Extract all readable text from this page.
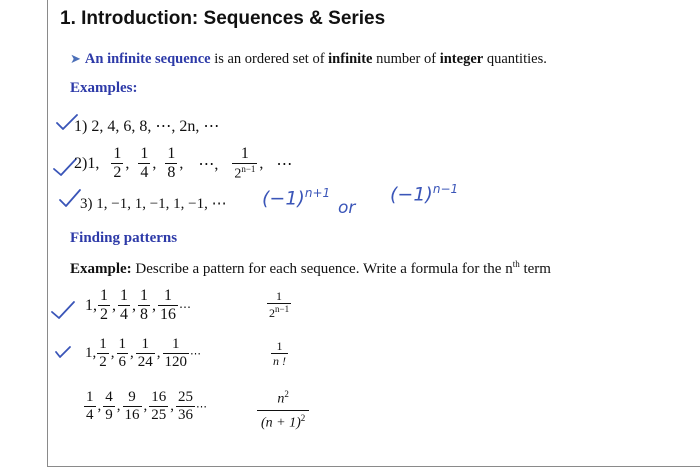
1. Introduction: Sequences & Series
➤ An infinite sequence is an ordered set of infinite number of integer quantities.
Examples:
1) 2, 4, 6, 8, ⋯, 2n, ⋯
2) 1, $\frac{1}{2}$ , $\frac{1}{4}$ , $\frac{1}{8}$ , ⋯, $\frac{1}{2^{n-1}}$ , ⋯
3) 1, −1, 1, −1, 1, −1, ⋯ $(-1)^{n+1}$
or
$(-1)^{n-1}$
Finding patterns
Example: Describe a pattern for each sequence. Write a formula for the $n^{th}$ term
1, $\frac{1}{2}$ , $\frac{1}{4}$ , $\frac{1}{8}$ , $\frac{1}{16}$ ⋯	$\frac{1}{2^{n-1}}$
1, $\frac{1}{2}$ , $\frac{1}{6}$ , $\frac{1}{24}$ , $\frac{1}{120}$ ⋯	$\frac{1}{n !}$
$\frac{1}{4}$ , $\frac{4}{9}$ , $\frac{9}{16}$ , $\frac{16}{25}$ , $\frac{25}{36}$ ⋯	$\frac{n^2}{(n + 1)^2}$
